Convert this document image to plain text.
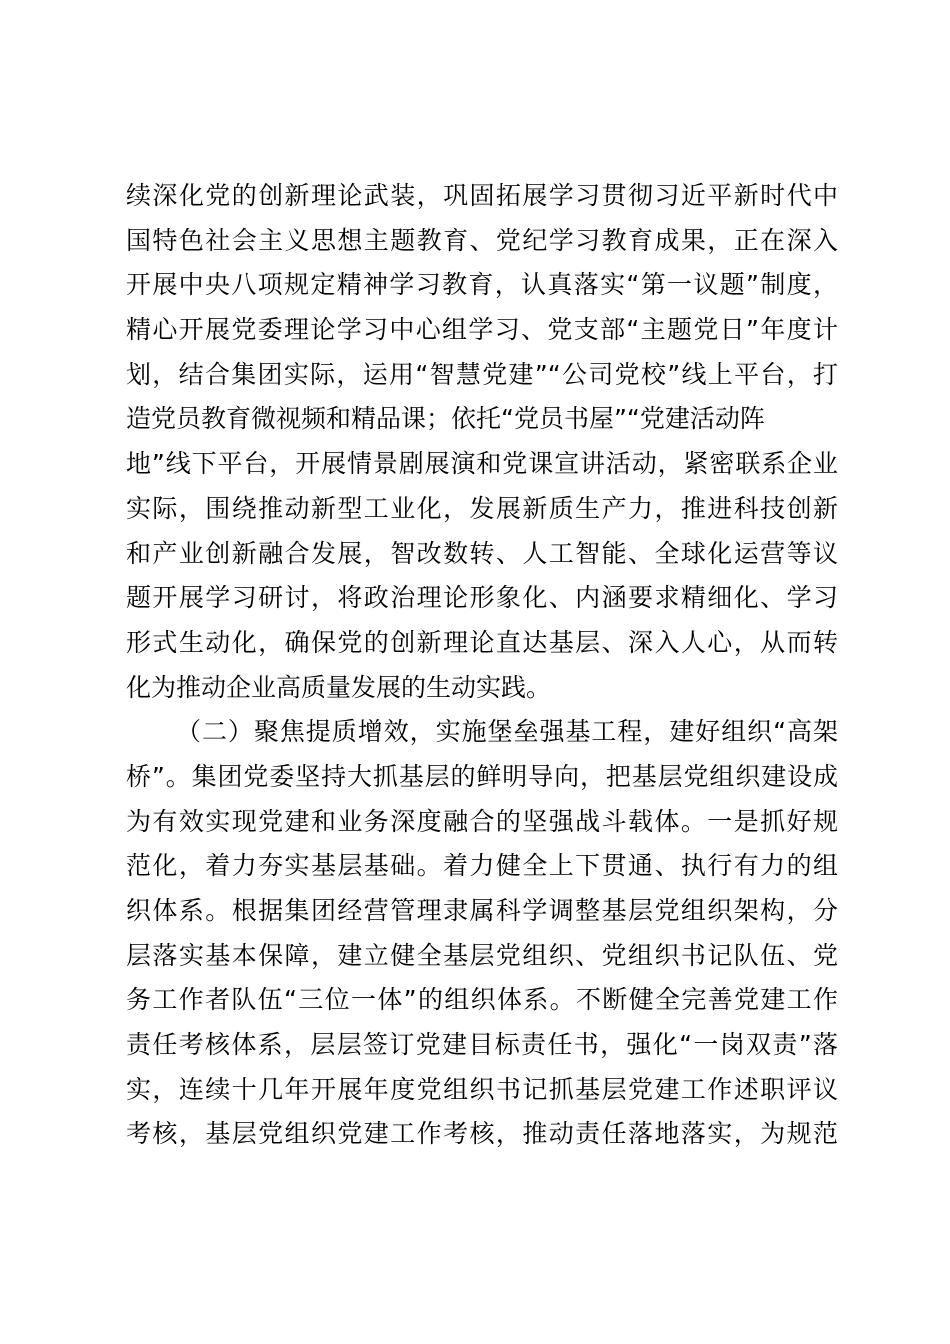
续深化党的创新理论武装，巩固拓展学习贯彻习近平新时代中
国特色社会主义思想主题教育、党纪学习教育成果，正在深入
开展中央八项规定精神学习教育，认真落实“第一议题”制度，
精心开展党委理论学习中心组学习、党支部“主题党日”年度计
划，结合集团实际，运用“智慧党建”“公司党校”线上平台，打
造党员教育微视频和精品课；依托“党员书屋”“党建活动阵
地”线下平台，开展情景剧展演和党课宣讲活动，紧密联系企业
实际，围绕推动新型工业化，发展新质生产力，推进科技创新
和产业创新融合发展，智改数转、人工智能、全球化运营等议
题开展学习研讨，将政治理论形象化、内涵要求精细化、学习
形式生动化，确保党的创新理论直达基层、深入人心，从而转
化为推动企业高质量发展的生动实践。
（二）聚焦提质增效，实施堡垒强基工程，建好组织“高架
桥”。集团党委坚持大抓基层的鲜明导向，把基层党组织建设成
为有效实现党建和业务深度融合的坚强战斗载体。一是抓好规
范化，着力夯实基层基础。着力健全上下贯通、执行有力的组
织体系。根据集团经营管理隶属科学调整基层党组织架构，分
层落实基本保障，建立健全基层党组织、党组织书记队伍、党
务工作者队伍“三位一体”的组织体系。不断健全完善党建工作
责任考核体系，层层签订党建目标责任书，强化“一岗双责”落
实，连续十几年开展年度党组织书记抓基层党建工作述职评议
考核，基层党组织党建工作考核，推动责任落地落实，为规范
